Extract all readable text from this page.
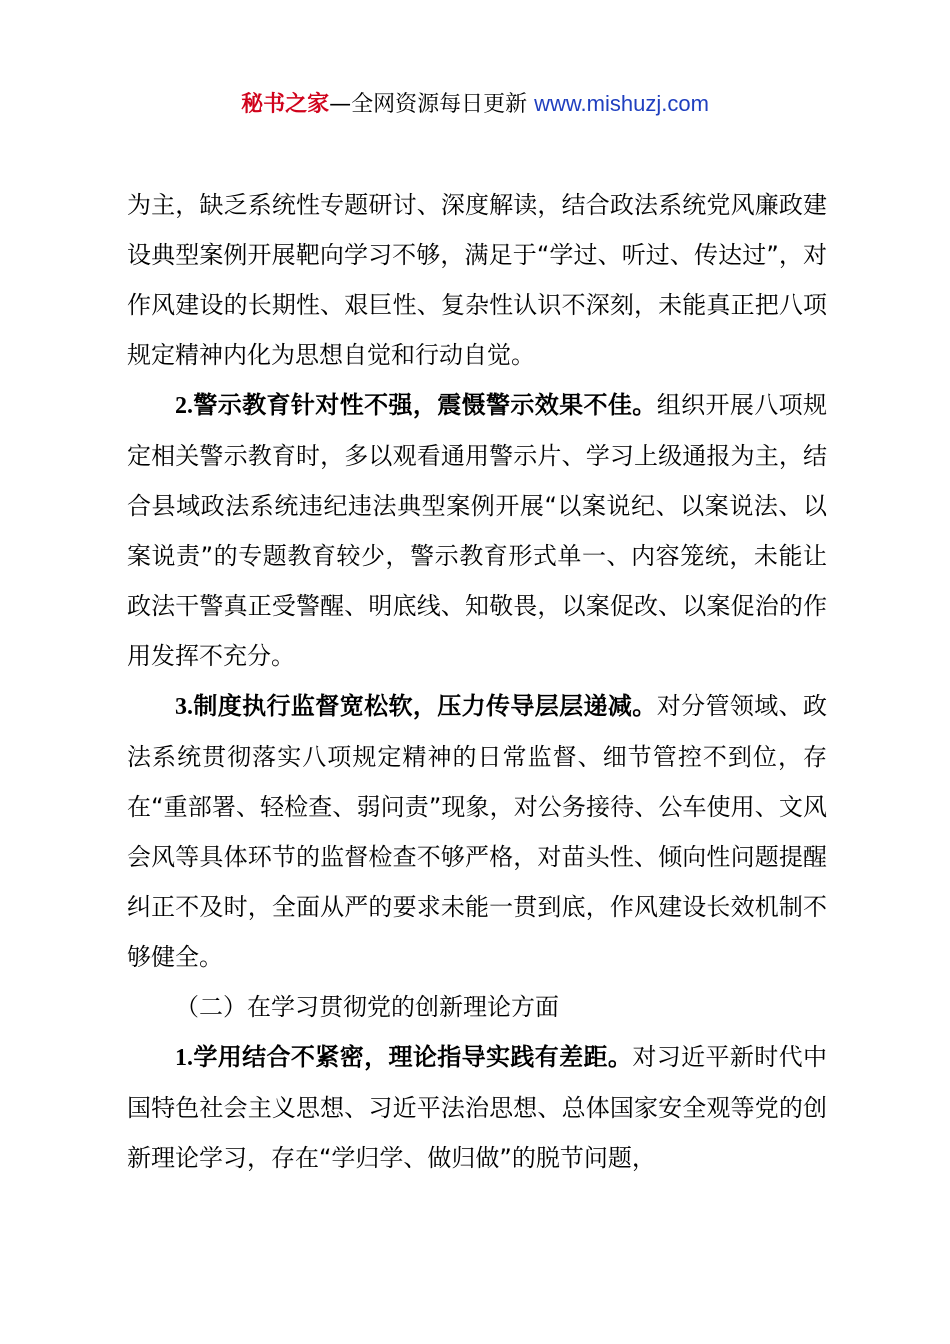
秘书之家—全网资源每日更新 www.mishuzj.com

为主，缺乏系统性专题研讨、深度解读，结合政法系统党风廉政建设典型案例开展靶向学习不够，满足于“学过、听过、传达过”，对作风建设的长期性、艰巨性、复杂性认识不深刻，未能真正把八项规定精神内化为思想自觉和行动自觉。

2.警示教育针对性不强，震慑警示效果不佳。组织开展八项规定相关警示教育时，多以观看通用警示片、学习上级通报为主，结合县域政法系统违纪违法典型案例开展“以案说纪、以案说法、以案说责”的专题教育较少，警示教育形式单一、内容笼统，未能让政法干警真正受警醒、明底线、知敬畏，以案促改、以案促治的作用发挥不充分。

3.制度执行监督宽松软，压力传导层层递减。对分管领域、政法系统贯彻落实八项规定精神的日常监督、细节管控不到位，存在“重部署、轻检查、弱问责”现象，对公务接待、公车使用、文风会风等具体环节的监督检查不够严格，对苗头性、倾向性问题提醒纠正不及时，全面从严的要求未能一贯到底，作风建设长效机制不够健全。

（二）在学习贯彻党的创新理论方面

1.学用结合不紧密，理论指导实践有差距。对习近平新时代中国特色社会主义思想、习近平法治思想、总体国家安全观等党的创新理论学习，存在“学归学、做归做”的脱节问题，
